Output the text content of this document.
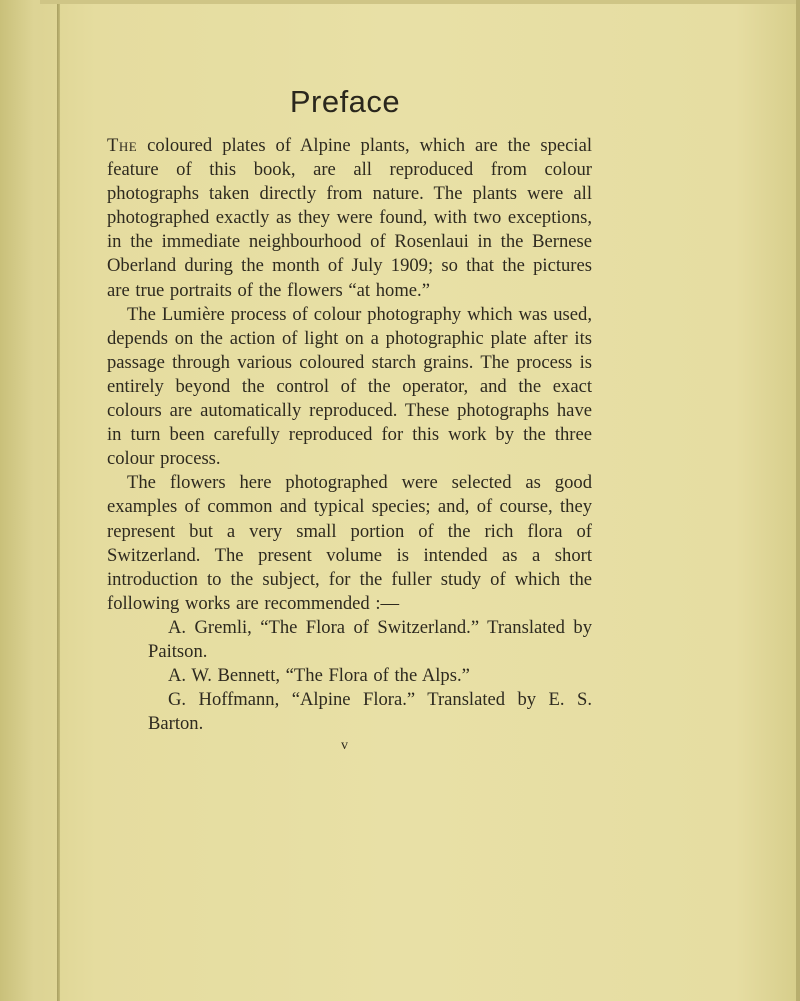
Preface

The coloured plates of Alpine plants, which are the special feature of this book, are all reproduced from colour photographs taken directly from nature. The plants were all photographed exactly as they were found, with two exceptions, in the immediate neighbourhood of Rosenlaui in the Bernese Oberland during the month of July 1909; so that the pictures are true portraits of the flowers “at home.”

The Lumière process of colour photography which was used, depends on the action of light on a photographic plate after its passage through various coloured starch grains. The process is entirely beyond the control of the operator, and the exact colours are automatically reproduced. These photographs have in turn been carefully reproduced for this work by the three colour process.

The flowers here photographed were selected as good examples of common and typical species; and, of course, they represent but a very small portion of the rich flora of Switzerland. The present volume is intended as a short introduction to the subject, for the fuller study of which the following works are recommended :—

A. Gremli, “The Flora of Switzerland.” Translated by Paitson.

A. W. Bennett, “The Flora of the Alps.”

G. Hoffmann, “Alpine Flora.” Translated by E. S. Barton.

v
